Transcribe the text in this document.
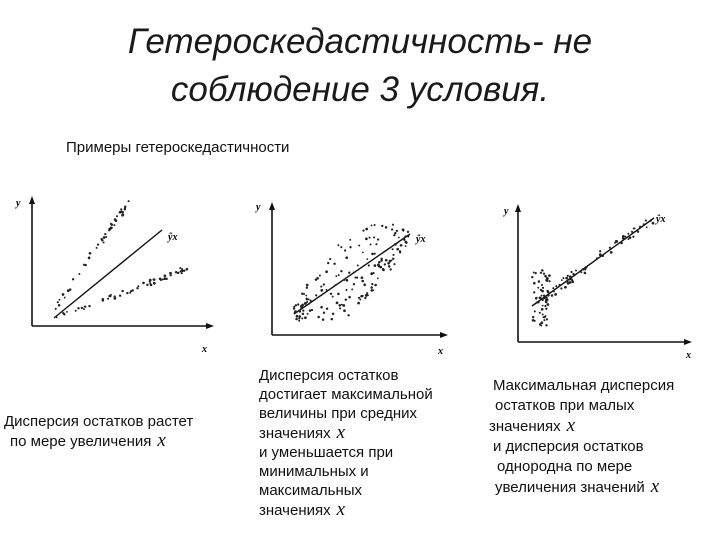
Гетероскедастичность- не
соблюдение 3 условия.
Примеры гетероскедастичности
y
x
ŷx
y
x
ŷx
y
x
ŷx
Дисперсия остатков растет
по мере увеличения x
Дисперсия остатков
достигает максимальной
величины при средних
значениях x
и уменьшается при
минимальных и
максимальных
значениях x
Максимальная дисперсия
остатков при малых
значениях x
и дисперсия остатков
однородна по мере
увеличения значений x
